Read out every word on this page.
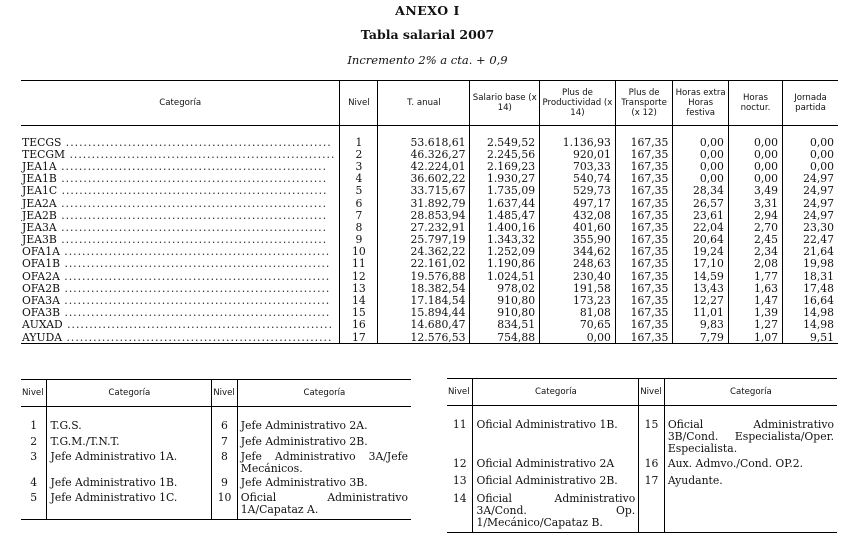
ANEXO I
Tabla salarial 2007
Incremento 2% a cta. + 0,9
Categoría	Nivel	T. anual	Salario base (x 14)	Plus de Productividad (x 14)	Plus de Transporte (x 12)	Horas extra Horas festiva	Horas noctur.	Jornada partida
TECGS ............................................................	1	53.618,61	2.549,52	1.136,93	167,35	0,00	0,00	0,00
TECGM ............................................................	2	46.326,27	2.245,56	920,01	167,35	0,00	0,00	0,00
JEA1A ............................................................	3	42.224,01	2.169,23	703,33	167,35	0,00	0,00	0,00
JEA1B ............................................................	4	36.602,22	1.930,27	540,74	167,35	0,00	0,00	24,97
JEA1C ............................................................	5	33.715,67	1.735,09	529,73	167,35	28,34	3,49	24,97
JEA2A ............................................................	6	31.892,79	1.637,44	497,17	167,35	26,57	3,31	24,97
JEA2B ............................................................	7	28.853,94	1.485,47	432,08	167,35	23,61	2,94	24,97
JEA3A ............................................................	8	27.232,91	1.400,16	401,60	167,35	22,04	2,70	23,30
JEA3B ............................................................	9	25.797,19	1.343,32	355,90	167,35	20,64	2,45	22,47
OFA1A ............................................................	10	24.362,22	1.252,09	344,62	167,35	19,24	2,34	21,64
OFA1B ............................................................	11	22.161,02	1.190,86	248,63	167,35	17,10	2,08	19,98
OFA2A ............................................................	12	19.576,88	1.024,51	230,40	167,35	14,59	1,77	18,31
OFA2B ............................................................	13	18.382,54	978,02	191,58	167,35	13,43	1,63	17,48
OFA3A ............................................................	14	17.184,54	910,80	173,23	167,35	12,27	1,47	16,64
OFA3B ............................................................	15	15.894,44	910,80	81,08	167,35	11,01	1,39	14,98
AUXAD ............................................................	16	14.680,47	834,51	70,65	167,35	9,83	1,27	14,98
AYUDA ............................................................	17	12.576,53	754,88	0,00	167,35	7,79	1,07	9,51
Nivel	Categoría	Nivel	Categoría
1	T.G.S.	6	Jefe Administrativo 2A.
2	T.G.M./T.N.T.	7	Jefe Administrativo 2B.
3	Jefe Administrativo 1A.	8	Jefe Administrativo 3A/Jefe Mecánicos.
4	Jefe Administrativo 1B.	9	Jefe Administrativo 3B.
5	Jefe Administrativo 1C.	10	Oficial Administrativo 1A/Capataz A.
Nivel	Categoría	Nivel	Categoría
11	Oficial Administrativo 1B.	15	Oficial Administrativo 3B/Cond. Especialista/Oper. Especialista.
12	Oficial Administrativo 2A	16	Aux. Admvo./Cond. OP.2.
13	Oficial Administrativo 2B.	17	Ayudante.
14	Oficial Administrativo 3A/Cond. Op. 1/Mecánico/Capataz B.		
